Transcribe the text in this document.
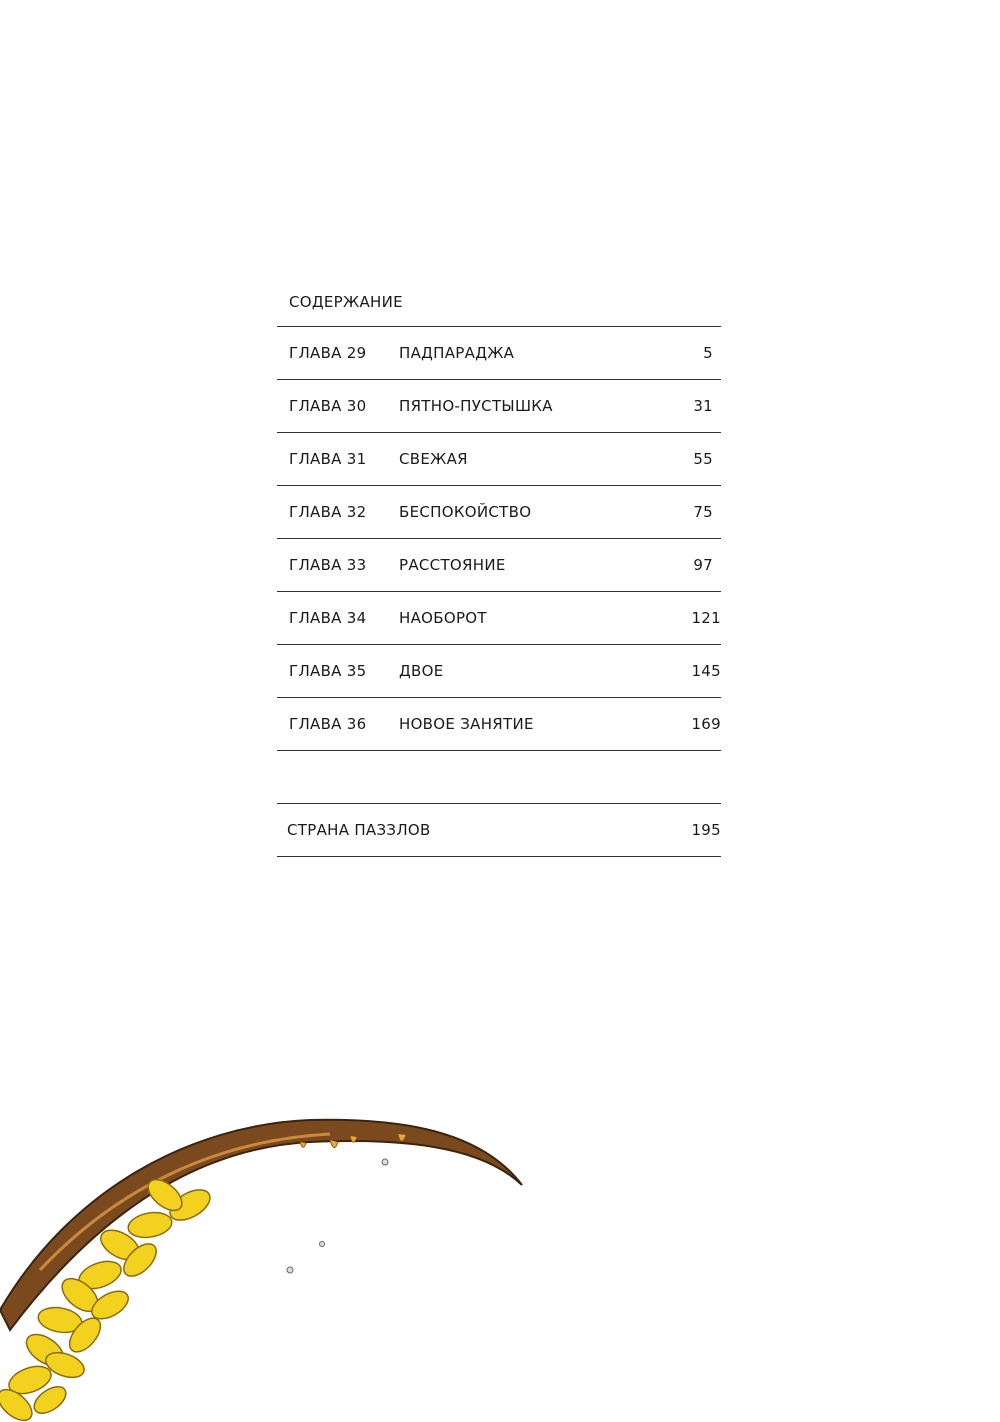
СОДЕРЖАНИЕ
ГЛАВА 29 ПАДПАРАДЖА	5
ГЛАВА 30 ПЯТНО-ПУСТЫШКА	31
ГЛАВА 31 СВЕЖАЯ	55
ГЛАВА 32 БЕСПОКОЙСТВО	75
ГЛАВА 33 РАССТОЯНИЕ	97
ГЛАВА 34 НАОБОРОТ	121
ГЛАВА 35 ДВОЕ	145
ГЛАВА 36 НОВОЕ ЗАНЯТИЕ	169
СТРАНА ПАЗЗЛОВ	195
